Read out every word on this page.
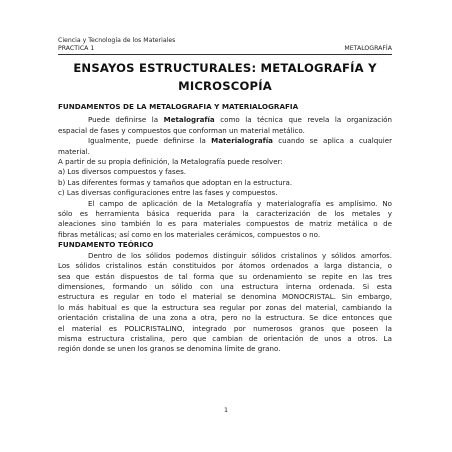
Ciencia y Tecnología de los Materiales
PRACTICA 1	METALOGRAFÍA
ENSAYOS ESTRUCTURALES: METALOGRAFÍA Y
MICROSCOPÍA

FUNDAMENTOS DE LA METALOGRAFIA Y MATERIALOGRAFIA

Puede definirse la Metalografía como la técnica que revela la organización

espacial de fases y compuestos que conforman un material metálico.

Igualmente, puede definirse la Materialografía cuando se aplica a cualquier

material.

A partir de su propia definición, la Metalografía puede resolver:

a) Los diversos compuestos y fases.

b) Las diferentes formas y tamaños que adoptan en la estructura.

c) Las diversas configuraciones entre las fases y compuestos.

El campo de aplicación de la Metalografía y materialografía es amplísimo. No

sólo es herramienta básica requerida para la caracterización de los metales y

aleaciones sino también lo es para materiales compuestos de matriz metálica o de

fibras metálicas; así como en los materiales cerámicos, compuestos o no.

FUNDAMENTO TEÓRICO

Dentro de los sólidos podemos distinguir sólidos cristalinos y sólidos amorfos.

Los sólidos cristalinos están constituidos por átomos ordenados a larga distancia, o

sea que están dispuestos de tal forma que su ordenamiento se repite en las tres

dimensiones, formando un sólido con una estructura interna ordenada. Si esta

estructura es regular en todo el material se denomina MONOCRISTAL. Sin embargo,

lo más habitual es que la estructura sea regular por zonas del material, cambiando la

orientación cristalina de una zona a otra, pero no la estructura. Se dice entonces que

el material es POLICRISTALINO, integrado por numerosos granos que poseen la

misma estructura cristalina, pero que cambian de orientación de unos a otros. La

región donde se unen los granos se denomina límite de grano.

1
